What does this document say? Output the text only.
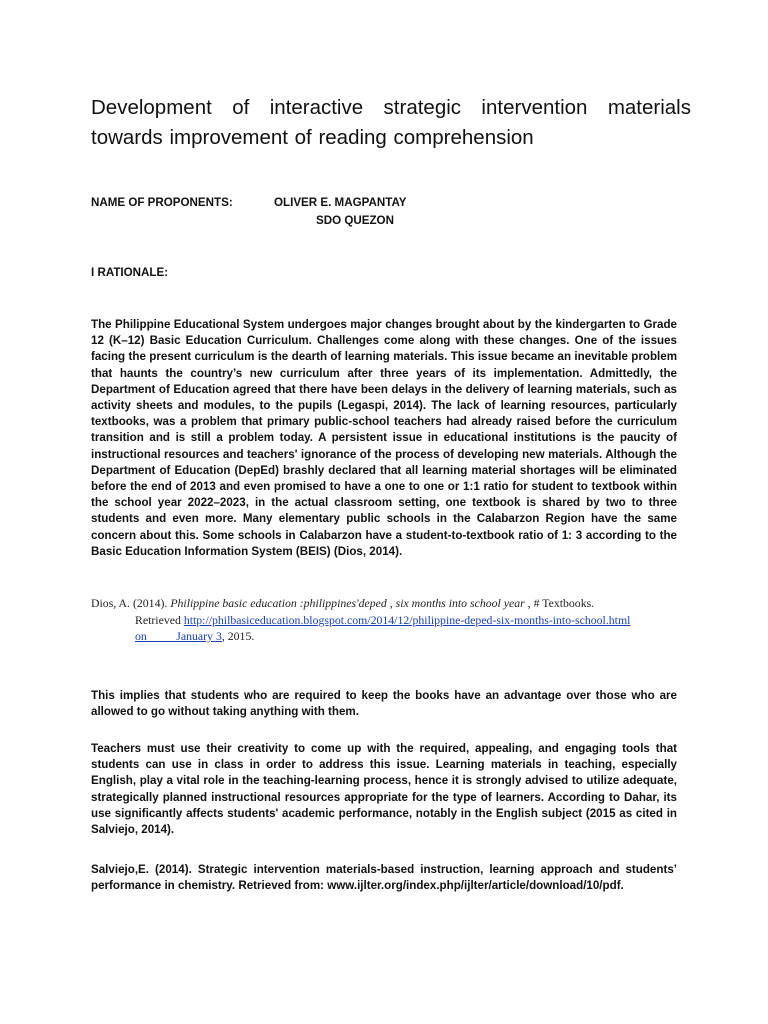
Development of interactive strategic intervention materials towards improvement of reading comprehension
NAME OF PROPONENTS:	OLIVER E. MAGPANTAY
SDO QUEZON
I RATIONALE:
The Philippine Educational System undergoes major changes brought about by the kindergarten to Grade 12 (K–12) Basic Education Curriculum. Challenges come along with these changes. One of the issues facing the present curriculum is the dearth of learning materials. This issue became an inevitable problem that haunts the country’s new curriculum after three years of its implementation. Admittedly, the Department of Education agreed that there have been delays in the delivery of learning materials, such as activity sheets and modules, to the pupils (Legaspi, 2014). The lack of learning resources, particularly textbooks, was a problem that primary public-school teachers had already raised before the curriculum transition and is still a problem today. A persistent issue in educational institutions is the paucity of instructional resources and teachers' ignorance of the process of developing new materials. Although the Department of Education (DepEd) brashly declared that all learning material shortages will be eliminated before the end of 2013 and even promised to have a one to one or 1:1 ratio for student to textbook within the school year 2022–2023, in the actual classroom setting, one textbook is shared by two to three students and even more. Many elementary public schools in the Calabarzon Region have the same concern about this. Some schools in Calabarzon have a student-to-textbook ratio of 1: 3 according to the Basic Education Information System (BEIS) (Dios, 2014).
Dios, A. (2014). Philippine basic education :philippines'deped , six months into school year , # Textbooks.
Retrieved http://philbasiceducation.blogspot.com/2014/12/philippine-deped-six-months-into-school.html
on          January 3, 2015.
This implies that students who are required to keep the books have an advantage over those who are allowed to go without taking anything with them.
Teachers must use their creativity to come up with the required, appealing, and engaging tools that students can use in class in order to address this issue. Learning materials in teaching, especially English, play a vital role in the teaching-learning process, hence it is strongly advised to utilize adequate, strategically planned instructional resources appropriate for the type of learners. According to Dahar, its use significantly affects students' academic performance, notably in the English subject (2015 as cited in Salviejo, 2014).
Salviejo,E. (2014). Strategic intervention materials-based instruction, learning approach and students’ performance in chemistry. Retrieved from: www.ijlter.org/index.php/ijlter/article/download/10/pdf.
